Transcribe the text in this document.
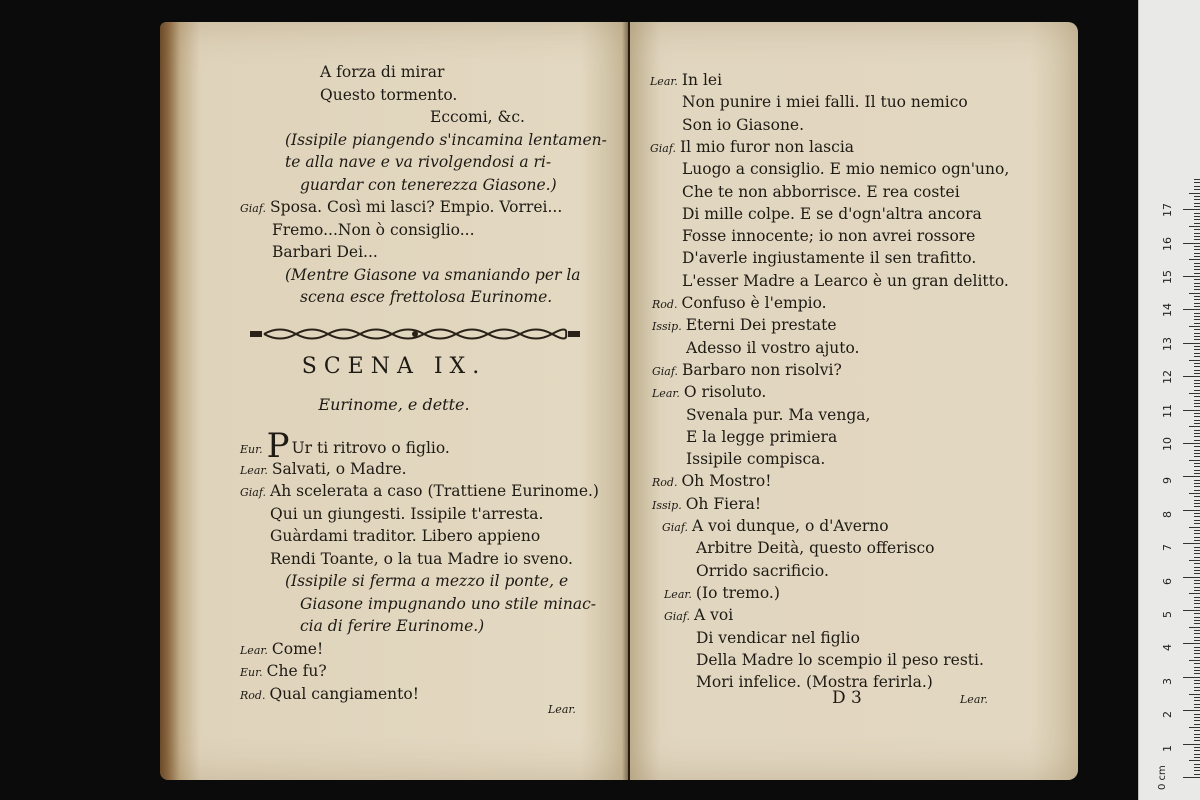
A forza di mirar
Questo tormento.
Eccomi, &c.
(Issipile piangendo s'incamina lentamen-
te alla nave e va rivolgendosi a ri-
guardar con tenerezza Giasone.)
Giaf. Sposa. Così mi lasci? Empio. Vorrei...
Fremo...Non ò consiglio...
Barbari Dei...
(Mentre Giasone va smaniando per la
scena esce frettolosa Eurinome.
SCENA IX.
Eurinome, e dette.
Eur. P Ur ti ritrovo o figlio.
Lear. Salvati, o Madre.
Giaf. Ah scelerata a caso (Trattiene Eurinome.)
Qui un giungesti. Issipile t'arresta.
Guàrdami traditor. Libero appieno
Rendi Toante, o la tua Madre io sveno.
(Issipile si ferma a mezzo il ponte, e
Giasone impugnando uno stile minac-
cia di ferire Eurinome.)
Lear. Come!
Eur. Che fu?
Rod. Qual cangiamento!
Lear.
Lear. In lei
Non punire i miei falli. Il tuo nemico
Son io Giasone.
Giaf. Il mio furor non lascia
Luogo a consiglio. E mio nemico ogn'uno,
Che te non abborrisce. E rea costei
Di mille colpe. E se d'ogn'altra ancora
Fosse innocente; io non avrei rossore
D'averle ingiustamente il sen trafitto.
L'esser Madre a Learco è un gran delitto.
Rod. Confuso è l'empio.
Issip. Eterni Dei prestate
Adesso il vostro ajuto.
Giaf. Barbaro non risolvi?
Lear. O risoluto.
Svenala pur. Ma venga,
E la legge primiera
Issipile compisca.
Rod. Oh Mostro!
Issip. Oh Fiera!
Giaf. A voi dunque, o d'Averno
Arbitre Deità, questo offerisco
Orrido sacrificio.
Lear. (Io tremo.)
Giaf. A voi
Di vendicar nel figlio
Della Madre lo scempio il peso resti.
Mori infelice. (Mostra ferirla.)
D 3	Lear.
0 cm
1
2
3
4
5
6
7
8
9
10
11
12
13
14
15
16
17
